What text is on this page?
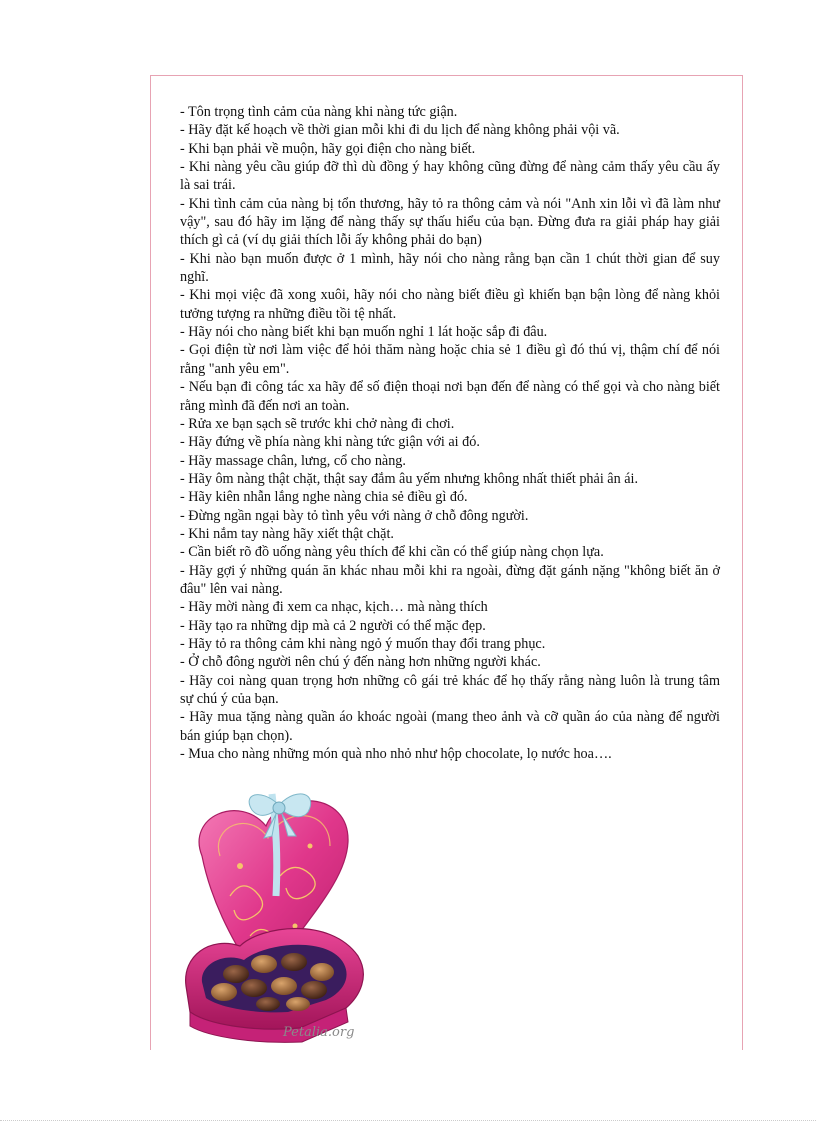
- Tôn trọng tình cảm của nàng khi nàng tức giận.

- Hãy đặt kế hoạch về thời gian mỗi khi đi du lịch để nàng không phải vội vã.

- Khi bạn phải về muộn, hãy gọi điện cho nàng biết.

- Khi nàng yêu cầu giúp đỡ thì dù đồng ý hay không cũng đừng để nàng cảm thấy yêu cầu ấy là sai trái.

- Khi tình cảm của nàng bị tổn thương, hãy tỏ ra thông cảm và nói "Anh xin lỗi vì đã làm như vậy", sau đó hãy im lặng để nàng thấy sự thấu hiểu của bạn. Đừng đưa ra giải pháp hay giải thích gì cả (ví dụ giải thích lỗi ấy không phải do bạn)

- Khi nào bạn muốn được ở 1 mình, hãy nói cho nàng rằng bạn cần 1 chút thời gian để suy nghĩ.

- Khi mọi việc đã xong xuôi, hãy nói cho nàng biết điều gì khiến bạn bận lòng để nàng khỏi tưởng tượng ra những điều tồi tệ nhất.

- Hãy nói cho nàng biết khi bạn muốn nghỉ 1 lát hoặc sắp đi đâu.

- Gọi điện từ nơi làm việc để hỏi thăm nàng hoặc chia sẻ 1 điều gì đó thú vị, thậm chí để nói rằng "anh yêu em".

- Nếu bạn đi công tác xa hãy để số điện thoại nơi bạn đến để nàng có thể gọi và cho nàng biết rằng mình đã đến nơi an toàn.

- Rửa xe bạn sạch sẽ trước khi chở nàng đi chơi.

- Hãy đứng về phía nàng khi nàng tức giận với ai đó.

- Hãy massage chân, lưng, cổ cho nàng.

- Hãy ôm nàng thật chặt, thật say đắm âu yếm nhưng không nhất thiết phải ân ái.

- Hãy kiên nhẫn lắng nghe nàng chia sẻ điều gì đó.

- Đừng ngần ngại bày tỏ tình yêu với nàng ở chỗ đông người.

- Khi nắm tay nàng hãy xiết thật chặt.

- Cần biết rõ đồ uống nàng yêu thích để khi cần có thể giúp nàng chọn lựa.

- Hãy gợi ý những quán ăn khác nhau mỗi khi ra ngoài, đừng đặt gánh nặng "không biết ăn ở đâu" lên vai nàng.

- Hãy mời nàng đi xem ca nhạc, kịch… mà nàng thích

- Hãy tạo ra những dịp mà cả 2 người có thể mặc đẹp.

- Hãy tỏ ra thông cảm khi nàng ngỏ ý muốn thay đổi trang phục.

- Ở chỗ đông người nên chú ý đến nàng hơn những người khác.

- Hãy coi nàng quan trọng hơn những cô gái trẻ khác để họ thấy rằng nàng luôn là trung tâm sự chú ý của bạn.

- Hãy mua tặng nàng quần áo khoác ngoài (mang theo ảnh và cỡ quần áo của nàng để người bán giúp bạn chọn).

- Mua cho nàng những món quà nho nhỏ như hộp chocolate, lọ nước hoa….

Petalia.org
